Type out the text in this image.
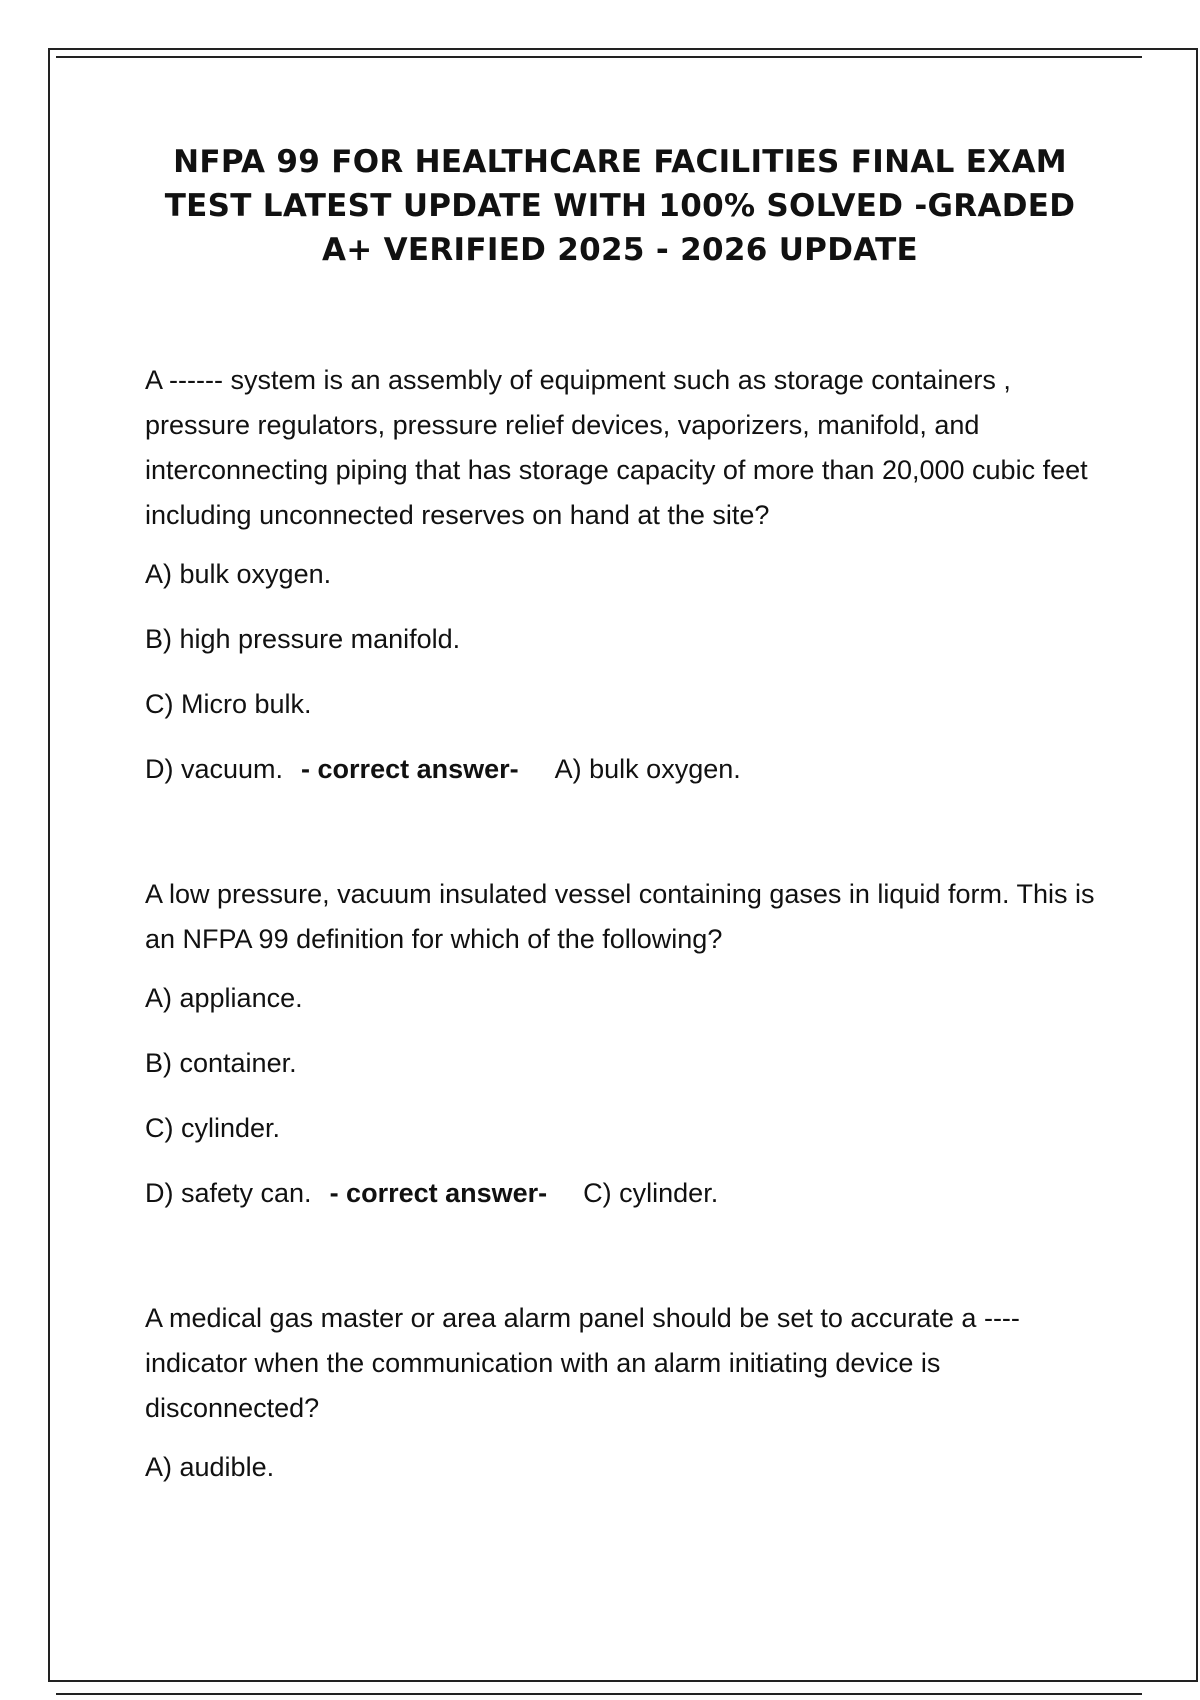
NFPA 99 FOR HEALTHCARE FACILITIES FINAL EXAM
TEST LATEST UPDATE WITH 100% SOLVED -GRADED
A+ VERIFIED 2025 - 2026 UPDATE

A ------ system is an assembly of equipment such as storage containers , pressure regulators, pressure relief devices, vaporizers, manifold, and interconnecting piping that has storage capacity of more than 20,000 cubic feet including unconnected reserves on hand at the site?

A) bulk oxygen.

B) high pressure manifold.

C) Micro bulk.

D) vacuum. - correct answer- A) bulk oxygen.

A low pressure, vacuum insulated vessel containing gases in liquid form. This is an NFPA 99 definition for which of the following?

A) appliance.

B) container.

C) cylinder.

D) safety can. - correct answer- C) cylinder.

A medical gas master or area alarm panel should be set to accurate a ---- indicator when the communication with an alarm initiating device is disconnected?

A) audible.
